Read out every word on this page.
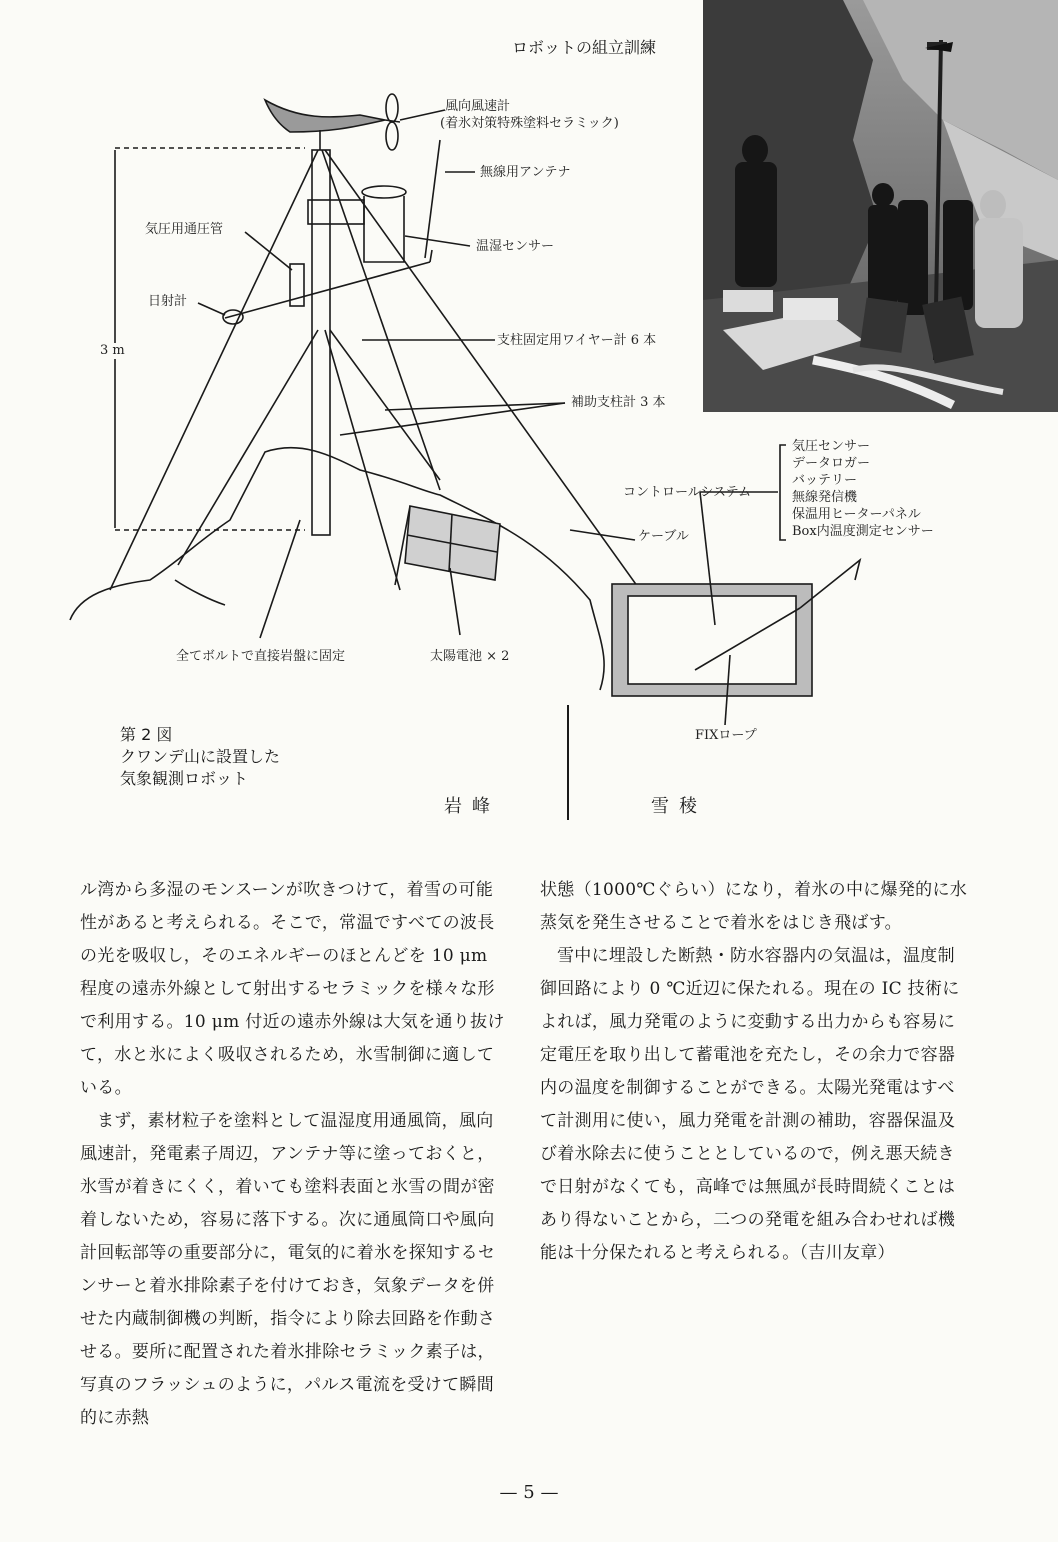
ロボットの組立訓練
風向風速計
(着氷対策特殊塗料セラミック)
無線用アンテナ
気圧用通圧管
温湿センサー
日射計
3 m
支柱固定用ワイヤー計 6 本
補助支柱計 3 本
コントロールシステム
ケーブル
全てボルトで直接岩盤に固定	太陽電池 × 2
FIXロープ
気圧センサー
データロガー
バッテリー
無線発信機
保温用ヒーターパネル
Box内温度測定センサー
第 2 図
クワンデ山に設置した
気象観測ロボット
岩峰	雪稜

ル湾から多湿のモンスーンが吹きつけて，着雪の可能性があると考えられる。そこで，常温ですべての波長の光を吸収し，そのエネルギーのほとんどを 10 μm 程度の遠赤外線として射出するセラミックを様々な形で利用する。10 μm 付近の遠赤外線は大気を通り抜けて，水と氷によく吸収されるため，氷雪制御に適している。

まず，素材粒子を塗料として温湿度用通風筒，風向風速計，発電素子周辺，アンテナ等に塗っておくと，氷雪が着きにくく，着いても塗料表面と氷雪の間が密着しないため，容易に落下する。次に通風筒口や風向計回転部等の重要部分に，電気的に着氷を探知するセンサーと着氷排除素子を付けておき，気象データを併せた内蔵制御機の判断，指令により除去回路を作動させる。要所に配置された着氷排除セラミック素子は，写真のフラッシュのように，パルス電流を受けて瞬間的に赤熱

状態（1000℃ぐらい）になり，着氷の中に爆発的に水蒸気を発生させることで着氷をはじき飛ばす。

雪中に埋設した断熱・防水容器内の気温は，温度制御回路により 0 ℃近辺に保たれる。現在の IC 技術によれば，風力発電のように変動する出力からも容易に定電圧を取り出して蓄電池を充たし，その余力で容器内の温度を制御することができる。太陽光発電はすべて計測用に使い，風力発電を計測の補助，容器保温及び着氷除去に使うこととしているので，例え悪天続きで日射がなくても，高峰では無風が長時間続くことはあり得ないことから，二つの発電を組み合わせれば機能は十分保たれると考えられる。（吉川友章）

— 5 —
